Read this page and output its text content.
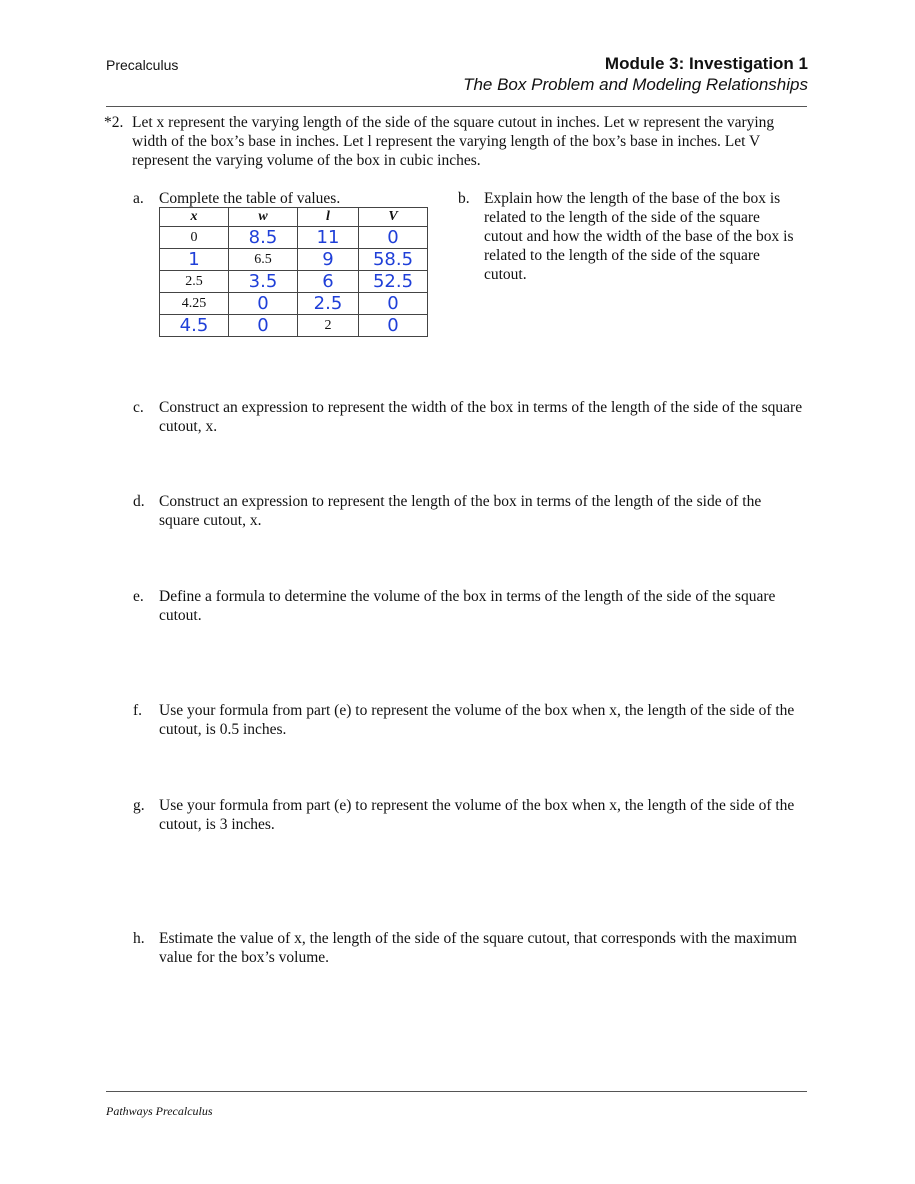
Precalculus	Module 3: Investigation 1
The Box Problem and Modeling Relationships
*2. Let x represent the varying length of the side of the square cutout in inches. Let w represent the varying width of the box’s base in inches. Let l represent the varying length of the box’s base in inches. Let V represent the varying volume of the box in cubic inches.
a. Complete the table of values.
x	w	l	V
0	8.5	11	0
1	6.5	9	58.5
2.5	3.5	6	52.5
4.25	0	2.5	0
4.5	0	2	0
b. Explain how the length of the base of the box is related to the length of the side of the square cutout and how the width of the base of the box is related to the length of the side of the square cutout.
c. Construct an expression to represent the width of the box in terms of the length of the side of the square cutout, x.
d. Construct an expression to represent the length of the box in terms of the length of the side of the square cutout, x.
e. Define a formula to determine the volume of the box in terms of the length of the side of the square cutout.
f. Use your formula from part (e) to represent the volume of the box when x, the length of the side of the cutout, is 0.5 inches.
g. Use your formula from part (e) to represent the volume of the box when x, the length of the side of the cutout, is 3 inches.
h. Estimate the value of x, the length of the side of the square cutout, that corresponds with the maximum value for the box’s volume.
Pathways Precalculus
